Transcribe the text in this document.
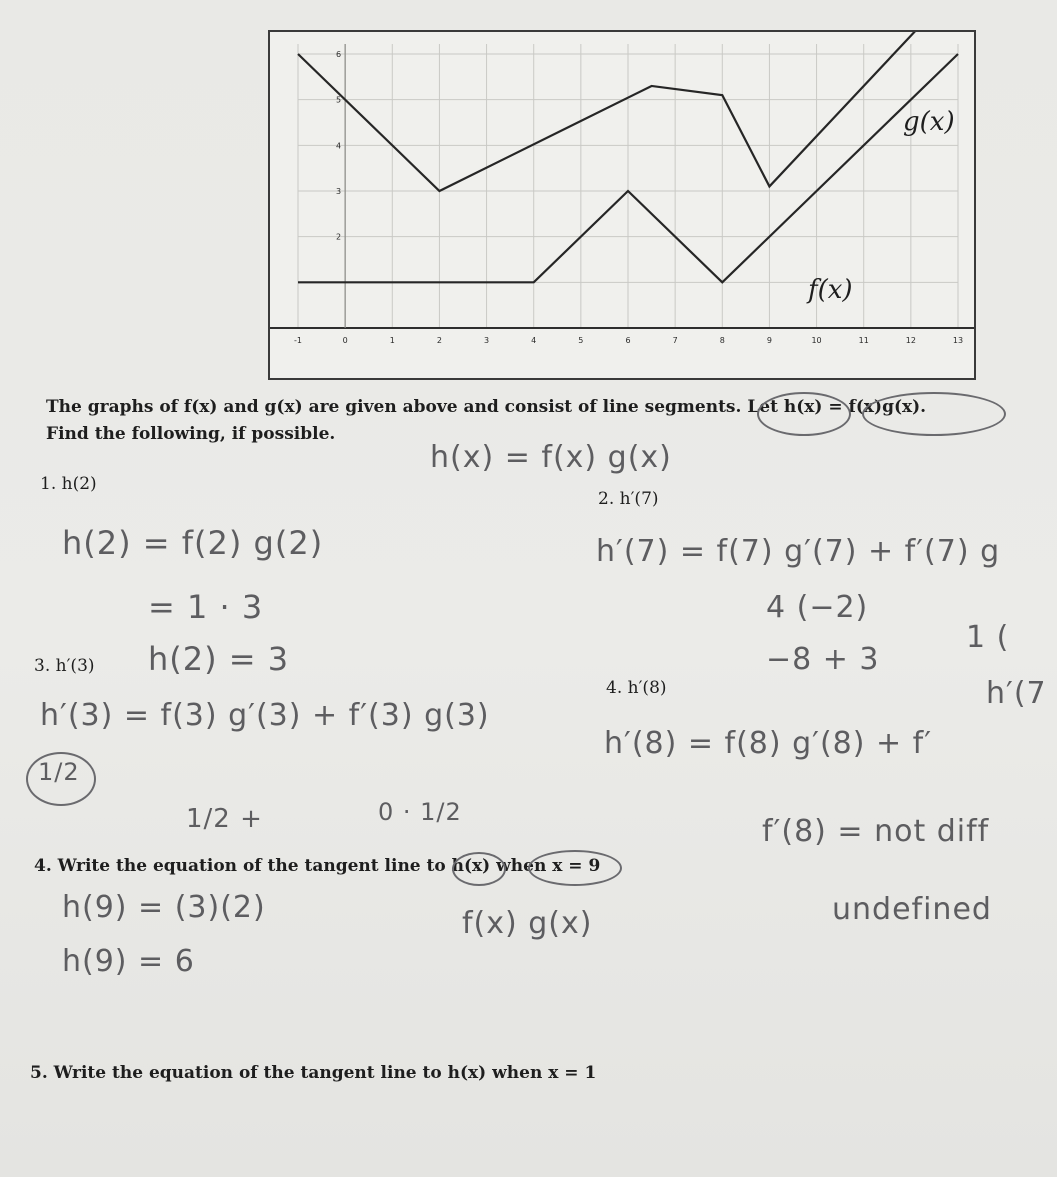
-1	0	1	2	3	4	5	6	7	8	9	10	11	12	13
2
3
4
5
6
g(x)
f(x)
The graphs of f(x) and g(x) are given above and consist of line segments. Let h(x) = f(x)g(x).
Find the following, if possible.
1. h(2)
2. h′(7)
3. h′(3)
4. h′(8)
4. Write the equation of the tangent line to h(x) when x = 9
5. Write the equation of the tangent line to h(x) when x = 1
h(x) = f(x) g(x)
h(2) = f(2) g(2)
= 1 · 3
h(2) = 3
h′(7) = f(7) g′(7) + f′(7) g
4 (−2)
1 (
−8 + 3
h′(7
h′(3) = f(3) g′(3) + f′(3) g(3)
1/2
1/2 +	0 · 1/2
h′(8) = f(8) g′(8) + f′
f′(8) = not diff
undefined
h(9) = (3)(2)	f(x) g(x)
h(9) = 6
